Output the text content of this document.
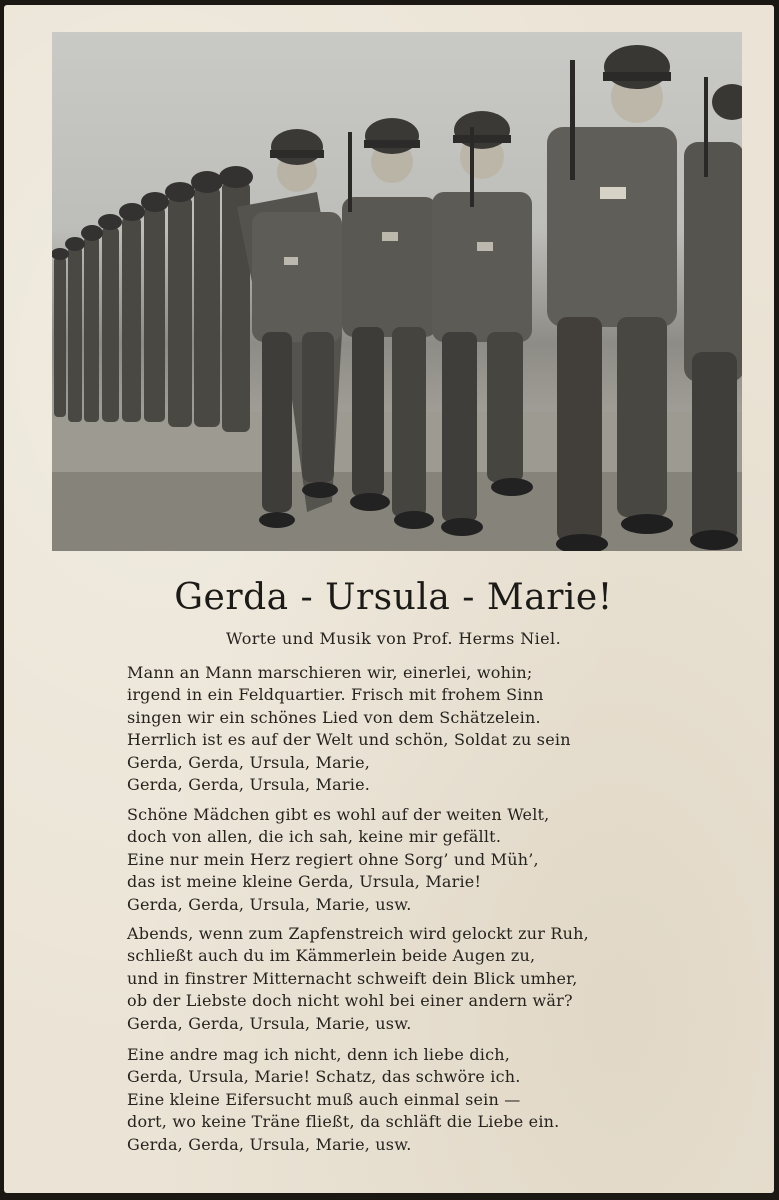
Gerda - Ursula - Marie!
Worte und Musik von Prof. Herms Niel.
Mann an Mann marschieren wir, einerlei, wohin;
irgend in ein Feldquartier. Frisch mit frohem Sinn
singen wir ein schönes Lied von dem Schätzelein.
Herrlich ist es auf der Welt und schön, Soldat zu sein
Gerda, Gerda, Ursula, Marie,
Gerda, Gerda, Ursula, Marie.
Schöne Mädchen gibt es wohl auf der weiten Welt,
doch von allen, die ich sah, keine mir gefällt.
Eine nur mein Herz regiert ohne Sorg’ und Müh’,
das ist meine kleine Gerda, Ursula, Marie!
Gerda, Gerda, Ursula, Marie, usw.
Abends, wenn zum Zapfenstreich wird gelockt zur Ruh,
schließt auch du im Kämmerlein beide Augen zu,
und in finstrer Mitternacht schweift dein Blick umher,
ob der Liebste doch nicht wohl bei einer andern wär?
Gerda, Gerda, Ursula, Marie, usw.
Eine andre mag ich nicht, denn ich liebe dich,
Gerda, Ursula, Marie! Schatz, das schwöre ich.
Eine kleine Eifersucht muß auch einmal sein —
dort, wo keine Träne fließt, da schläft die Liebe ein.
Gerda, Gerda, Ursula, Marie, usw.
